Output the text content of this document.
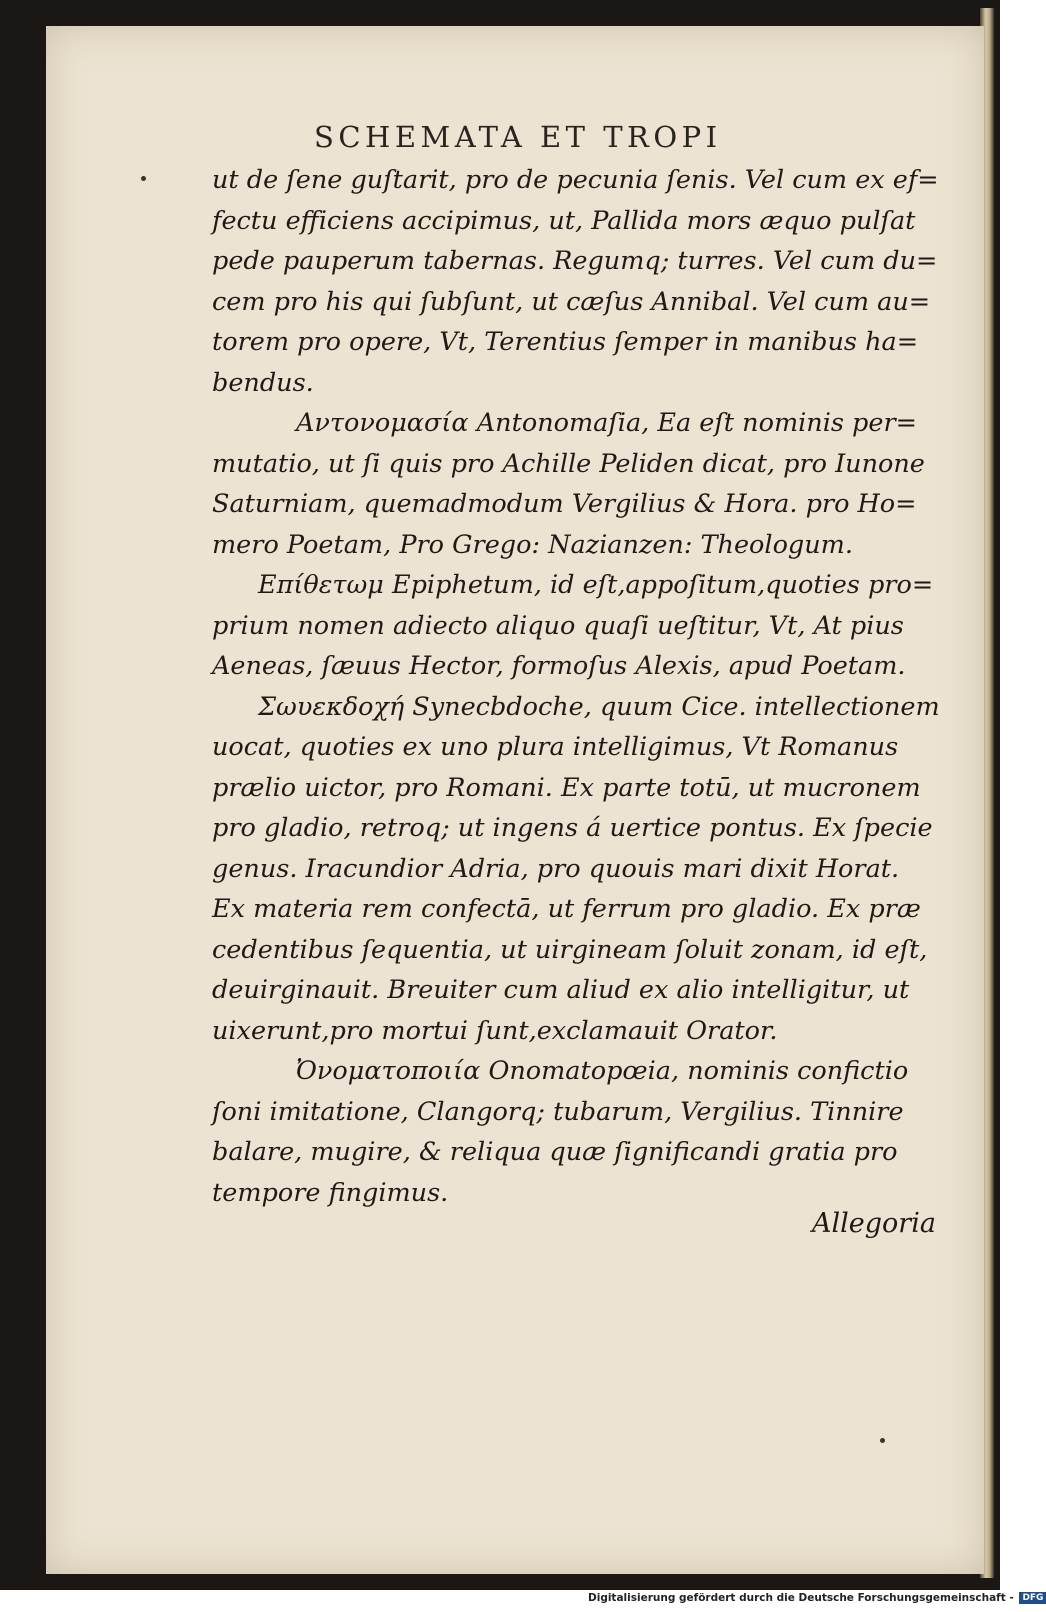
SCHEMATA ET TROPI
ut de ſene guſtarit, pro de pecunia ſenis. Vel cum ex ef=
fectu efficiens accipimus, ut, Pallida mors æquo pulſat
pede pauperum tabernas. Regumq; turres. Vel cum du=
cem pro his qui ſubſunt, ut cæſus Annibal. Vel cum au=
torem pro opere, Vt, Terentius ſemper in manibus ha=
bendus.
Αντονομασία Antonomaſia, Ea eſt nominis per=
mutatio, ut ſi quis pro Achille Peliden dicat, pro Iunone
Saturniam, quemadmodum Vergilius & Hora. pro Ho=
mero Poetam, Pro Grego: Nazianzen: Theologum.
Επίθετωμ Epiphetum, id eſt,appoſitum,quoties pro=
prium nomen adiecto aliquo quaſi ueſtitur, Vt, At pius
Aeneas, ſæuus Hector, formoſus Alexis, apud Poetam.
Σωυεκδοχή Synecbdoche, quum Cice. intellectionem
uocat, quoties ex uno plura intelligimus, Vt Romanus
prælio uictor, pro Romani. Ex parte totū, ut mucronem
pro gladio, retroq; ut ingens á uertice pontus. Ex ſpecie
genus. Iracundior Adria, pro quouis mari dixit Horat.
Ex materia rem confectā, ut ferrum pro gladio. Ex præ
cedentibus ſequentia, ut uirgineam ſoluit zonam, id eſt,
deuirginauit. Breuiter cum aliud ex alio intelligitur, ut
uixerunt,pro mortui ſunt,exclamauit Orator.
Ὀνοματοποιία Onomatopœia, nominis confictio
ſoni imitatione, Clangorq; tubarum, Vergilius. Tinnire
balare, mugire, & reliqua quæ ſignificandi gratia pro
tempore fingimus.
Allegoria
Digitalisierung gefördert durch die Deutsche Forschungsgemeinschaft - DFG
